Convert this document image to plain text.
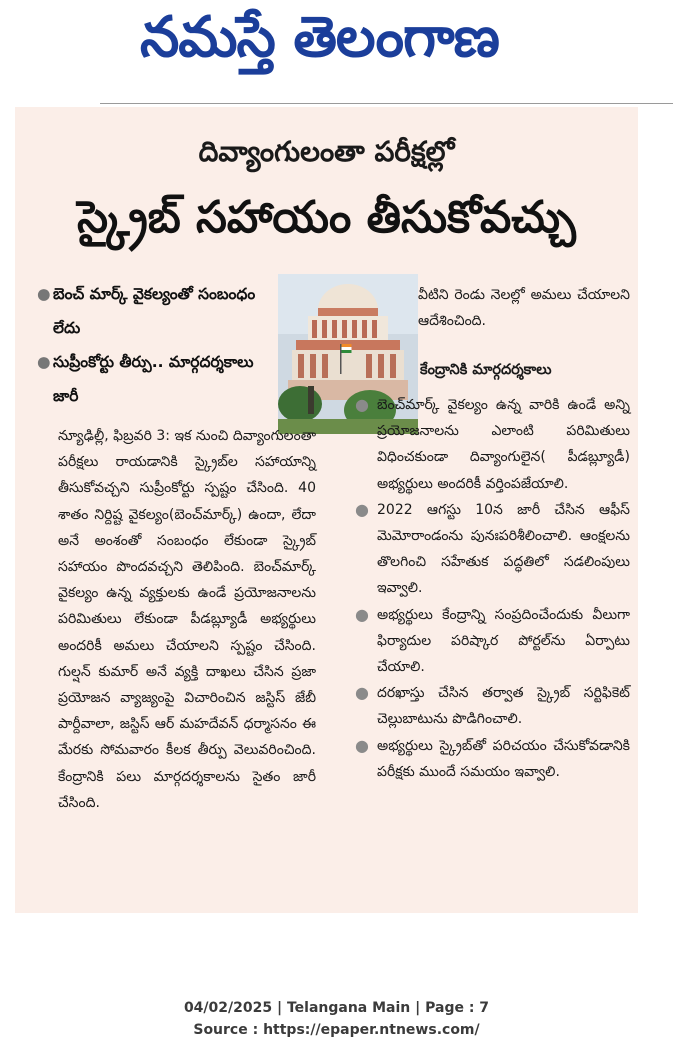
నమస్తే తెలంగాణ
దివ్యాంగులంతా పరీక్షల్లో
స్క్రైబ్ సహాయం తీసుకోవచ్చు
● బెంచ్ మార్క్ వైకల్యంతో సంబంధం లేదు
● సుప్రీంకోర్టు తీర్పు.. మార్గదర్శకాలు జారీ
న్యూఢిల్లీ, ఫిబ్రవరి 3: ఇక నుంచి దివ్యాంగులంతా పరీక్షలు రాయడానికి స్క్రైబ్‌ల సహాయాన్ని తీసుకోవచ్చని సుప్రీంకోర్టు స్పష్టం చేసింది. 40 శాతం నిర్దిష్ట వైకల్యం(బెంచ్‌మార్క్) ఉందా, లేదా అనే అంశంతో సంబంధం లేకుండా స్క్రైబ్ సహాయం పొందవచ్చని తెలిపింది. బెంచ్‌మార్క్ వైకల్యం ఉన్న వ్యక్తులకు ఉండే ప్రయోజనాలను పరిమితులు లేకుండా పీడబ్ల్యూడీ అభ్యర్థులు అందరికీ అమలు చేయాలని స్పష్టం చేసింది. గుల్షన్ కుమార్ అనే వ్యక్తి దాఖలు చేసిన ప్రజా ప్రయోజన వ్యాజ్యంపై విచారించిన జస్టిస్ జేబీ పార్దీవాలా, జస్టిస్ ఆర్ మహదేవన్ ధర్మాసనం ఈ మేరకు సోమవారం కీలక తీర్పు వెలువరించింది. కేంద్రానికి పలు మార్గదర్శకాలను సైతం జారీ చేసింది.
వీటిని రెండు నెలల్లో అమలు చేయాలని ఆదేశించింది.
కేంద్రానికి మార్గదర్శకాలు
● బెంచ్‌మార్క్ వైకల్యం ఉన్న వారికి ఉండే అన్ని ప్రయోజనాలను ఎలాంటి పరిమితులు విధించకుండా దివ్యాంగులైన( పీడబ్ల్యూడీ) అభ్యర్థులు అందరికీ వర్తింపజేయాలి.
● 2022 ఆగస్టు 10న జారీ చేసిన ఆఫీస్ మెమోరాండంను పునఃపరిశీలించాలి. ఆంక్షలను తొలగించి సహేతుక పద్ధతిలో సడలింపులు ఇవ్వాలి.
● అభ్యర్థులు కేంద్రాన్ని సంప్రదించేందుకు వీలుగా ఫిర్యాదుల పరిష్కార పోర్టల్‌ను ఏర్పాటు చేయాలి.
● దరఖాస్తు చేసిన తర్వాత స్క్రైబ్ సర్టిఫికెట్ చెల్లుబాటును పొడిగించాలి.
● అభ్యర్థులు స్క్రైబ్‌తో పరిచయం చేసుకోవడానికి పరీక్షకు ముందే సమయం ఇవ్వాలి.
04/02/2025 | Telangana Main | Page : 7
Source : https://epaper.ntnews.com/
